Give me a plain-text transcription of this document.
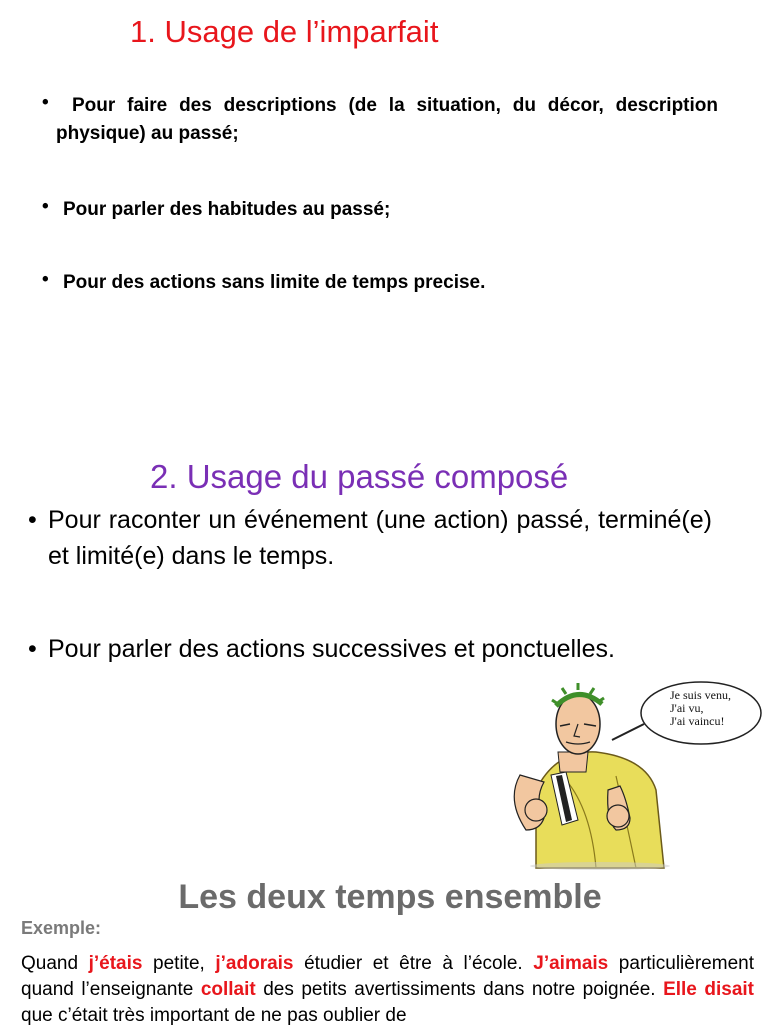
1. Usage de l’imparfait
•	Pour faire des descriptions (de la situation, du décor, description physique) au passé;
• Pour parler des habitudes au passé;
• Pour des actions sans limite de temps precise.
2. Usage du passé composé
• Pour raconter un événement (une action) passé, terminé(e) et limité(e) dans le temps.
• Pour parler des actions successives et ponctuelles.
Je suis venu,
J'ai vu,
J'ai vaincu!
Les deux temps ensemble
Exemple:
Quand j’étais petite, j’adorais étudier et être à l’école. J’aimais particulièrement quand l’enseignante collait des petits avertissiments dans notre poignée. Elle disait que c’était très important de ne pas oublier de
